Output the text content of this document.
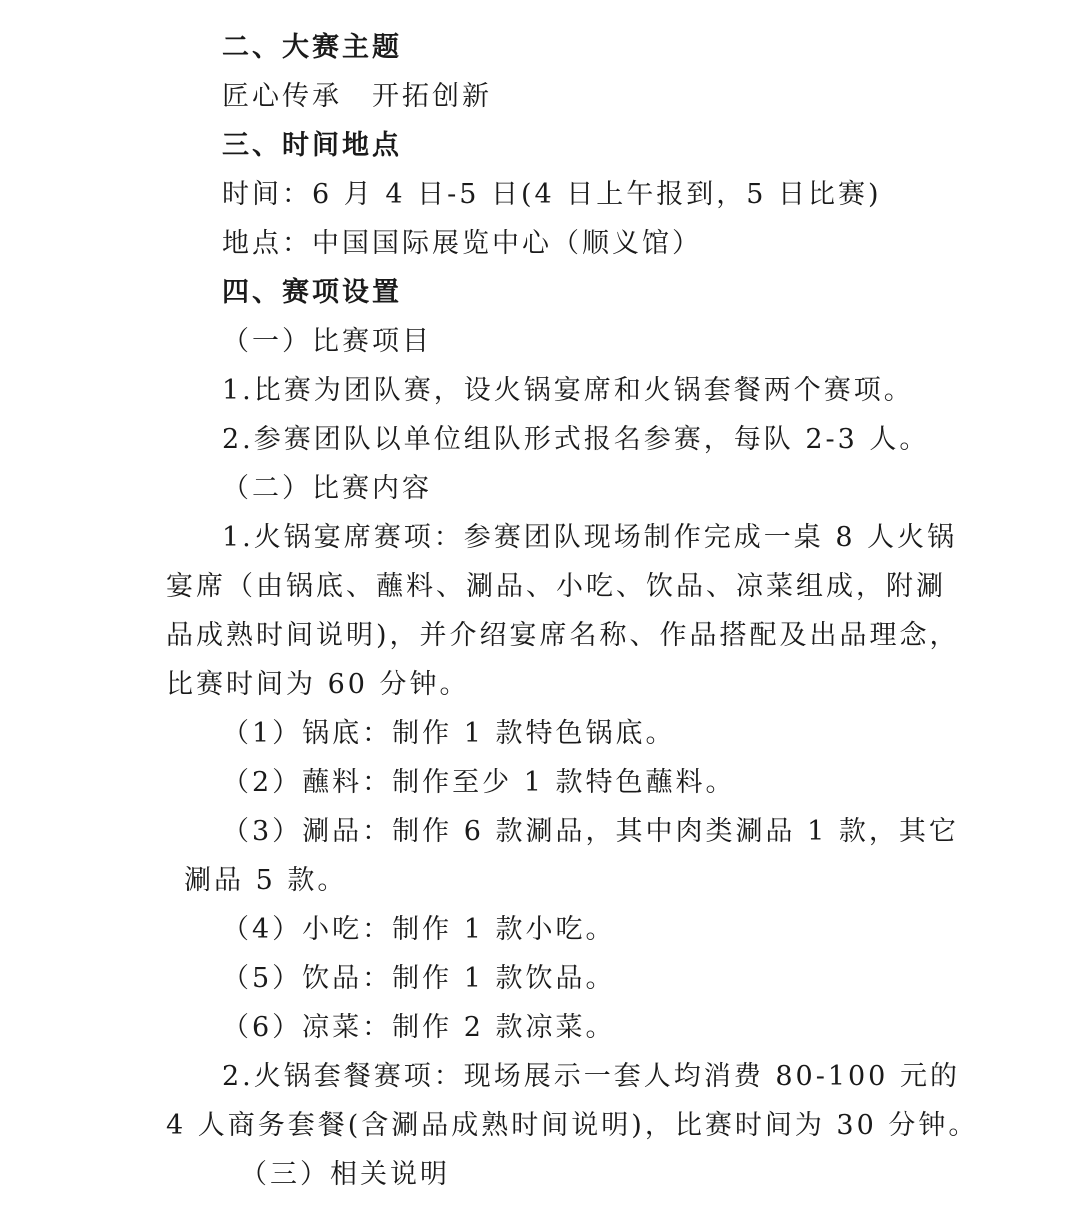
二、大赛主题
匠心传承　开拓创新
三、时间地点
时间：6 月 4 日-5 日(4 日上午报到，5 日比赛)
地点：中国国际展览中心（顺义馆）
四、赛项设置
（一）比赛项目
1.比赛为团队赛，设火锅宴席和火锅套餐两个赛项。
2.参赛团队以单位组队形式报名参赛，每队 2-3 人。
（二）比赛内容
1.火锅宴席赛项：参赛团队现场制作完成一桌 8 人火锅
宴席（由锅底、蘸料、涮品、小吃、饮品、凉菜组成，附涮
品成熟时间说明)，并介绍宴席名称、作品搭配及出品理念，
比赛时间为 60 分钟。
（1）锅底：制作 1 款特色锅底。
（2）蘸料：制作至少 1 款特色蘸料。
（3）涮品：制作 6 款涮品，其中肉类涮品 1 款，其它
涮品 5 款。
（4）小吃：制作 1 款小吃。
（5）饮品：制作 1 款饮品。
（6）凉菜：制作 2 款凉菜。
2.火锅套餐赛项：现场展示一套人均消费 80-100 元的
4 人商务套餐(含涮品成熟时间说明)，比赛时间为 30 分钟。
（三）相关说明
